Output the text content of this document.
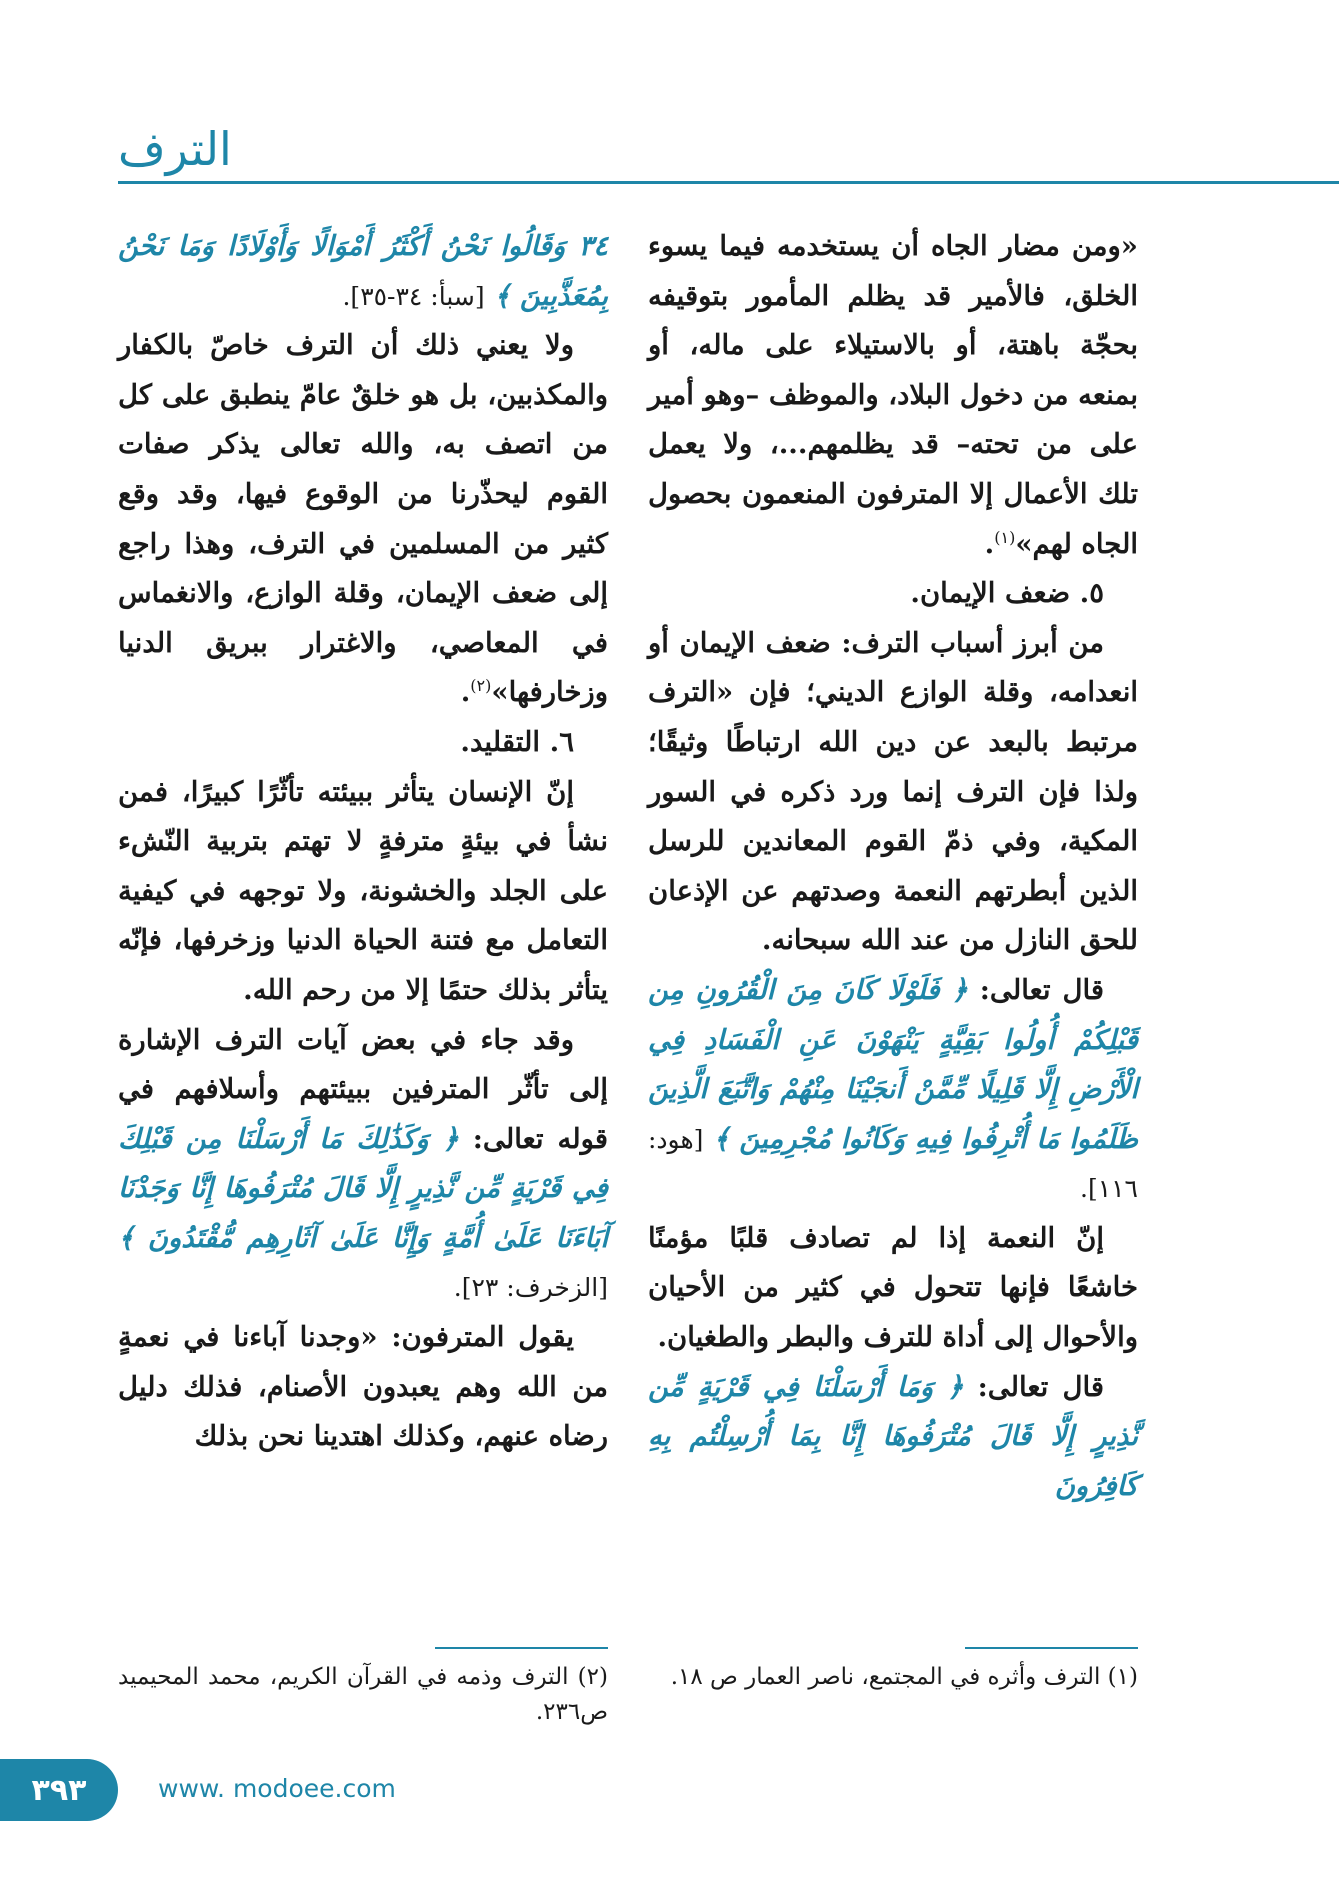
الترف

«ومن مضار الجاه أن يستخدمه فيما يسوء الخلق، فالأمير قد يظلم المأمور بتوقيفه بحجّة باهتة، أو بالاستيلاء على ماله، أو بمنعه من دخول البلاد، والموظف –وهو أمير على من تحته– قد يظلمهم...، ولا يعمل تلك الأعمال إلا المترفون المنعمون بحصول الجاه لهم»$^{(١)}$.

٥. ضعف الإيمان.

من أبرز أسباب الترف: ضعف الإيمان أو انعدامه، وقلة الوازع الديني؛ فإن «الترف مرتبط بالبعد عن دين الله ارتباطًا وثيقًا؛ ولذا فإن الترف إنما ورد ذكره في السور المكية، وفي ذمّ القوم المعاندين للرسل الذين أبطرتهم النعمة وصدتهم عن الإذعان للحق النازل من عند الله سبحانه.

قال تعالى: ﴿ فَلَوْلَا كَانَ مِنَ الْقُرُونِ مِن قَبْلِكُمْ أُولُوا بَقِيَّةٍ يَنْهَوْنَ عَنِ الْفَسَادِ فِي الْأَرْضِ إِلَّا قَلِيلًا مِّمَّنْ أَنجَيْنَا مِنْهُمْ وَاتَّبَعَ الَّذِينَ ظَلَمُوا مَا أُتْرِفُوا فِيهِ وَكَانُوا مُجْرِمِينَ ﴾ [هود: ١١٦].

إنّ النعمة إذا لم تصادف قلبًا مؤمنًا خاشعًا فإنها تتحول في كثير من الأحيان والأحوال إلى أداة للترف والبطر والطغيان.

قال تعالى: ﴿ وَمَا أَرْسَلْنَا فِي قَرْيَةٍ مِّن نَّذِيرٍ إِلَّا قَالَ مُتْرَفُوهَا إِنَّا بِمَا أُرْسِلْتُم بِهِ كَافِرُونَ

٣٤ وَقَالُوا نَحْنُ أَكْثَرُ أَمْوَالًا وَأَوْلَادًا وَمَا نَحْنُ بِمُعَذَّبِينَ ﴾ [سبأ: ٣٤-٣٥].

ولا يعني ذلك أن الترف خاصّ بالكفار والمكذبين، بل هو خلقٌ عامّ ينطبق على كل من اتصف به، والله تعالى يذكر صفات القوم ليحذّرنا من الوقوع فيها، وقد وقع كثير من المسلمين في الترف، وهذا راجع إلى ضعف الإيمان، وقلة الوازع، والانغماس في المعاصي، والاغترار ببريق الدنيا وزخارفها»$^{(٢)}$.

٦. التقليد.

إنّ الإنسان يتأثر ببيئته تأثّرًا كبيرًا، فمن نشأ في بيئةٍ مترفةٍ لا تهتم بتربية النّشء على الجلد والخشونة، ولا توجهه في كيفية التعامل مع فتنة الحياة الدنيا وزخرفها، فإنّه يتأثر بذلك حتمًا إلا من رحم الله.

وقد جاء في بعض آيات الترف الإشارة إلى تأثّر المترفين ببيئتهم وأسلافهم في قوله تعالى: ﴿ وَكَذَٰلِكَ مَا أَرْسَلْنَا مِن قَبْلِكَ فِي قَرْيَةٍ مِّن نَّذِيرٍ إِلَّا قَالَ مُتْرَفُوهَا إِنَّا وَجَدْنَا آبَاءَنَا عَلَىٰ أُمَّةٍ وَإِنَّا عَلَىٰ آثَارِهِم مُّقْتَدُونَ ﴾ [الزخرف: ٢٣].

يقول المترفون: «وجدنا آباءنا في نعمةٍ من الله وهم يعبدون الأصنام، فذلك دليل رضاه عنهم، وكذلك اهتدينا نحن بذلك

(١) الترف وأثره في المجتمع، ناصر العمار ص ١٨.
(٢) الترف وذمه في القرآن الكريم، محمد المحيميد ص٢٣٦.
٣٩٣	www. modoee.com
